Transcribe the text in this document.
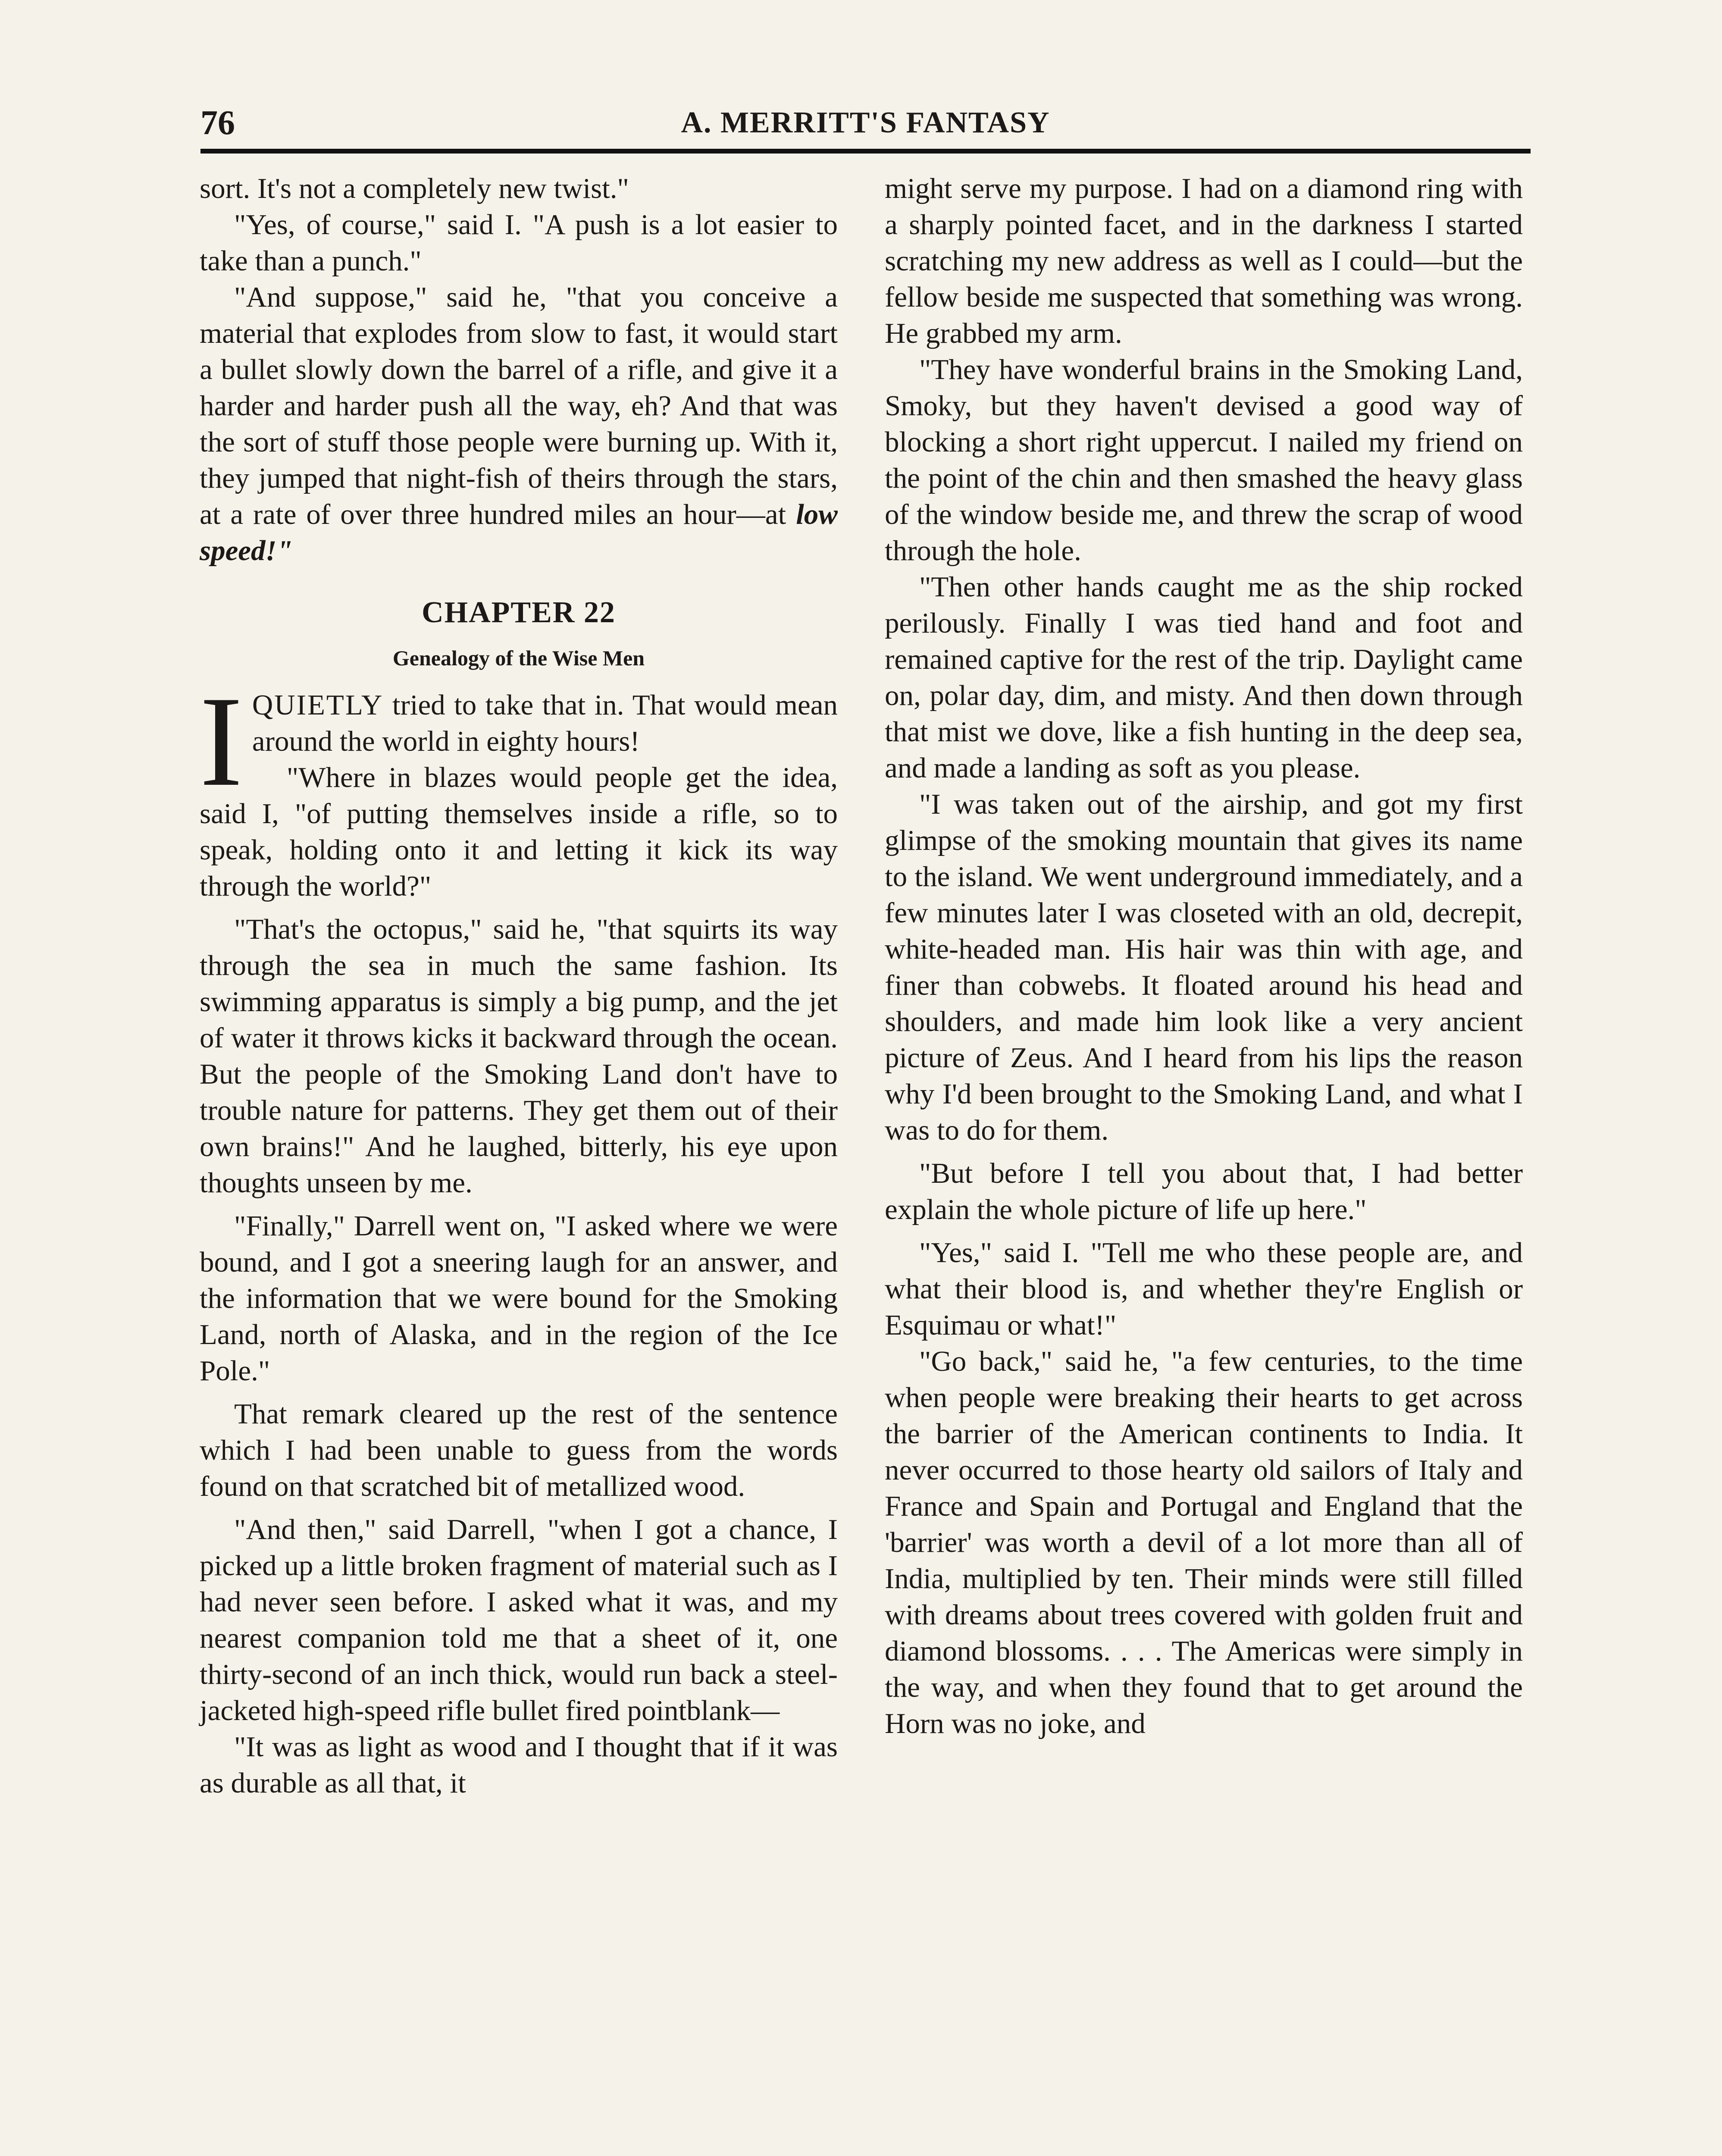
76	A. MERRITT'S FANTASY

sort. It's not a completely new twist."

"Yes, of course," said I. "A push is a lot easier to take than a punch."

"And suppose," said he, "that you conceive a material that explodes from slow to fast, it would start a bullet slowly down the barrel of a rifle, and give it a harder and harder push all the way, eh? And that was the sort of stuff those people were burning up. With it, they jumped that night-fish of theirs through the stars, at a rate of over three hundred miles an hour—at low speed!"

CHAPTER 22
Genealogy of the Wise Men

IQUIETLY tried to take that in. That would mean around the world in eighty hours!

"Where in blazes would people get the idea, said I, "of putting themselves inside a rifle, so to speak, holding onto it and letting it kick its way through the world?"

"That's the octopus," said he, "that squirts its way through the sea in much the same fashion. Its swimming apparatus is simply a big pump, and the jet of water it throws kicks it backward through the ocean. But the people of the Smoking Land don't have to trouble nature for patterns. They get them out of their own brains!" And he laughed, bitterly, his eye upon thoughts unseen by me.

"Finally," Darrell went on, "I asked where we were bound, and I got a sneering laugh for an answer, and the information that we were bound for the Smoking Land, north of Alaska, and in the region of the Ice Pole."

That remark cleared up the rest of the sentence which I had been unable to guess from the words found on that scratched bit of metallized wood.

"And then," said Darrell, "when I got a chance, I picked up a little broken fragment of material such as I had never seen before. I asked what it was, and my nearest companion told me that a sheet of it, one thirty-second of an inch thick, would run back a steel-jacketed high-speed rifle bullet fired pointblank—

"It was as light as wood and I thought that if it was as durable as all that, it

might serve my purpose. I had on a diamond ring with a sharply pointed facet, and in the darkness I started scratching my new address as well as I could—but the fellow beside me suspected that something was wrong. He grabbed my arm.

"They have wonderful brains in the Smoking Land, Smoky, but they haven't devised a good way of blocking a short right uppercut. I nailed my friend on the point of the chin and then smashed the heavy glass of the window beside me, and threw the scrap of wood through the hole.

"Then other hands caught me as the ship rocked perilously. Finally I was tied hand and foot and remained captive for the rest of the trip. Daylight came on, polar day, dim, and misty. And then down through that mist we dove, like a fish hunting in the deep sea, and made a landing as soft as you please.

"I was taken out of the airship, and got my first glimpse of the smoking mountain that gives its name to the island. We went underground immediately, and a few minutes later I was closeted with an old, decrepit, white-headed man. His hair was thin with age, and finer than cobwebs. It floated around his head and shoulders, and made him look like a very ancient picture of Zeus. And I heard from his lips the reason why I'd been brought to the Smoking Land, and what I was to do for them.

"But before I tell you about that, I had better explain the whole picture of life up here."

"Yes," said I. "Tell me who these people are, and what their blood is, and whether they're English or Esquimau or what!"

"Go back," said he, "a few centuries, to the time when people were breaking their hearts to get across the barrier of the American continents to India. It never occurred to those hearty old sailors of Italy and France and Spain and Portugal and England that the 'barrier' was worth a devil of a lot more than all of India, multiplied by ten. Their minds were still filled with dreams about trees covered with golden fruit and diamond blossoms. . . . The Americas were simply in the way, and when they found that to get around the Horn was no joke, and
